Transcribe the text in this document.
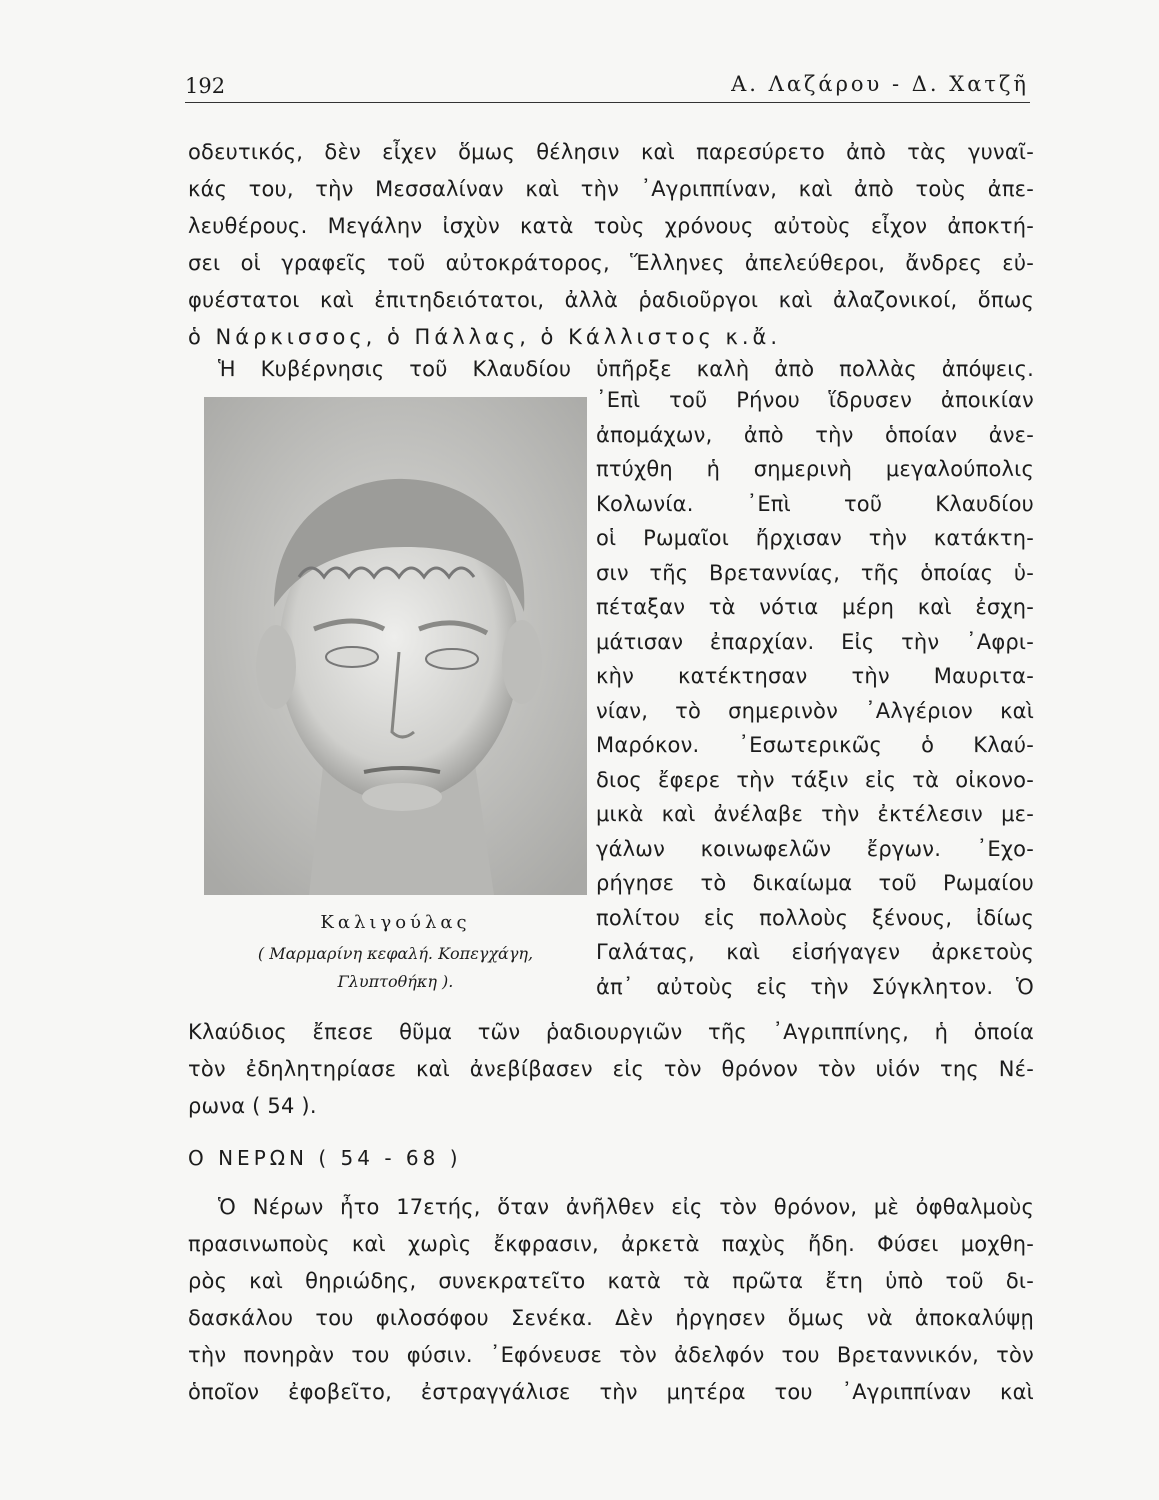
192	Α. Λαζάρου - Δ. Χατζῆ
οδευτικός, δὲν εἶχεν ὅμως θέλησιν καὶ παρεσύρετο ἀπὸ τὰς γυναῖ-
κάς του, τὴν Μεσσαλίναν καὶ τὴν ᾿Αγριππίναν, καὶ ἀπὸ τοὺς ἀπε-
λευθέρους. Μεγάλην ἰσχὺν κατὰ τοὺς χρόνους αὐτοὺς εἶχον ἀποκτή-
σει οἱ γραφεῖς τοῦ αὐτοκράτορος, Ἕλληνες ἀπελεύθεροι, ἄνδρες εὐ-
φυέστατοι καὶ ἐπιτηδειότατοι, ἀλλὰ ῥαδιοῦργοι καὶ ἀλαζονικοί, ὅπως
ὁ Νάρκισσος, ὁ Πάλλας, ὁ Κάλλιστος κ.ἄ.
Ἡ Κυβέρνησις τοῦ Κλαυδίου ὑπῆρξε καλὴ ἀπὸ πολλὰς ἀπόψεις.
᾿Επὶ τοῦ Ρήνου ἵδρυσεν ἀποικίαν
ἀπομάχων, ἀπὸ τὴν ὁποίαν ἀνε-
πτύχθη ἡ σημερινὴ μεγαλούπολις
Κολωνία. ᾿Επὶ τοῦ Κλαυδίου
οἱ Ρωμαῖοι ἤρχισαν τὴν κατάκτη-
σιν τῆς Βρεταννίας, τῆς ὁποίας ὑ-
πέταξαν τὰ νότια μέρη καὶ ἐσχη-
μάτισαν ἐπαρχίαν. Εἰς τὴν ᾿Αφρι-
κὴν κατέκτησαν τὴν Μαυριτα-
νίαν, τὸ σημερινὸν ᾿Αλγέριον καὶ
Μαρόκον. ᾿Εσωτερικῶς ὁ Κλαύ-
διος ἔφερε τὴν τάξιν εἰς τὰ οἰκονο-
μικὰ καὶ ἀνέλαβε τὴν ἐκτέλεσιν με-
γάλων κοινωφελῶν ἔργων. ᾿Εχο-
ρήγησε τὸ δικαίωμα τοῦ Ρωμαίου
πολίτου εἰς πολλοὺς ξένους, ἰδίως
Γαλάτας, καὶ εἰσήγαγεν ἀρκετοὺς
ἀπ᾿ αὐτοὺς εἰς τὴν Σύγκλητον. Ὁ
Καλιγούλας
( Μαρμαρίνη κεφαλή. Κοπεγχάγη,
Γλυπτοθήκη ).
Κλαύδιος ἔπεσε θῦμα τῶν ῥαδιουργιῶν τῆς ᾿Αγριππίνης, ἡ ὁποία
τὸν ἐδηλητηρίασε καὶ ἀνεβίβασεν εἰς τὸν θρόνον τὸν υἱόν της Νέ-
ρωνα ( 54 ).
Ο ΝΕΡΩΝ ( 54 - 68 )
Ὁ Νέρων ἦτο 17ετής, ὅταν ἀνῆλθεν εἰς τὸν θρόνον, μὲ ὀφθαλμοὺς
πρασινωποὺς καὶ χωρὶς ἔκφρασιν, ἀρκετὰ παχὺς ἤδη. Φύσει μοχθη-
ρὸς καὶ θηριώδης, συνεκρατεῖτο κατὰ τὰ πρῶτα ἔτη ὑπὸ τοῦ δι-
δασκάλου του φιλοσόφου Σενέκα. Δὲν ἠργησεν ὅμως νὰ ἀποκαλύψῃ
τὴν πονηρὰν του φύσιν. ᾿Εφόνευσε τὸν ἀδελφόν του Βρεταννικόν, τὸν
ὁποῖον ἐφοβεῖτο, ἐστραγγάλισε τὴν μητέρα του ᾿Αγριππίναν καὶ
